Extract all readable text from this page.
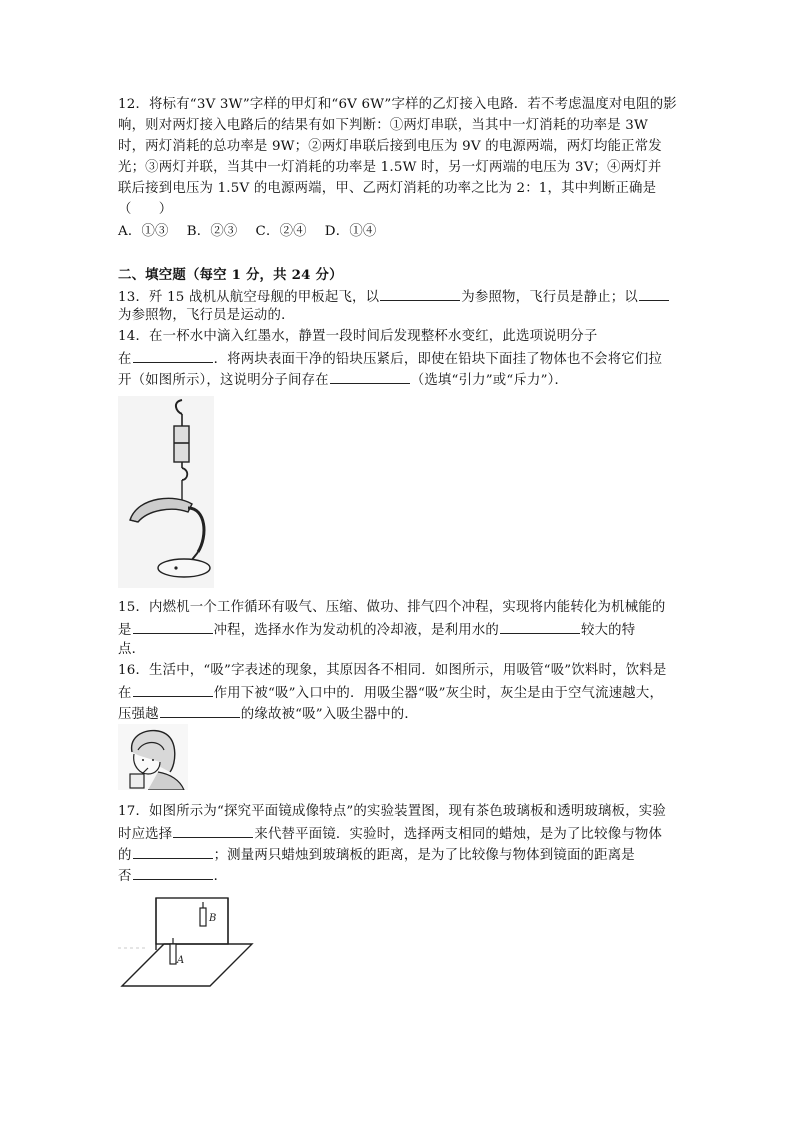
12．将标有“3V 3W”字样的甲灯和“6V 6W”字样的乙灯接入电路．若不考虑温度对电阻的影
响，则对两灯接入电路后的结果有如下判断：①两灯串联，当其中一灯消耗的功率是 3W
时，两灯消耗的总功率是 9W；②两灯串联后接到电压为 9V 的电源两端，两灯均能正常发
光；③两灯并联，当其中一灯消耗的功率是 1.5W 时，另一灯两端的电压为 3V；④两灯并
联后接到电压为 1.5V 的电源两端，甲、乙两灯消耗的功率之比为 2：1，其中判断正确是
（　　）
A．①③　 B．②③　 C．②④　 D．①④
二、填空题（每空 1 分，共 24 分）
13．歼 15 战机从航空母舰的甲板起飞，以	为参照物，飞行员是静止；以
为参照物，飞行员是运动的．
14．在一杯水中滴入红墨水，静置一段时间后发现整杯水变红，此选项说明分子
在	．将两块表面干净的铅块压紧后，即使在铅块下面挂了物体也不会将它们拉
开（如图所示），这说明分子间存在	（选填“引力”或“斥力”）．
15．内燃机一个工作循环有吸气、压缩、做功、排气四个冲程，实现将内能转化为机械能的
是	冲程，选择水作为发动机的冷却液，是利用水的	较大的特
点．
16．生活中，“吸”字表述的现象，其原因各不相同．如图所示，用吸管“吸”饮料时，饮料是
在	作用下被“吸”入口中的．用吸尘器“吸”灰尘时，灰尘是由于空气流速越大，
压强越	的缘故被“吸”入吸尘器中的．
17．如图所示为“探究平面镜成像特点”的实验装置图，现有茶色玻璃板和透明玻璃板，实验
时应选择	来代替平面镜．实验时，选择两支相同的蜡烛，是为了比较像与物体
的	；测量两只蜡烛到玻璃板的距离，是为了比较像与物体到镜面的距离是
否	．
B
A
